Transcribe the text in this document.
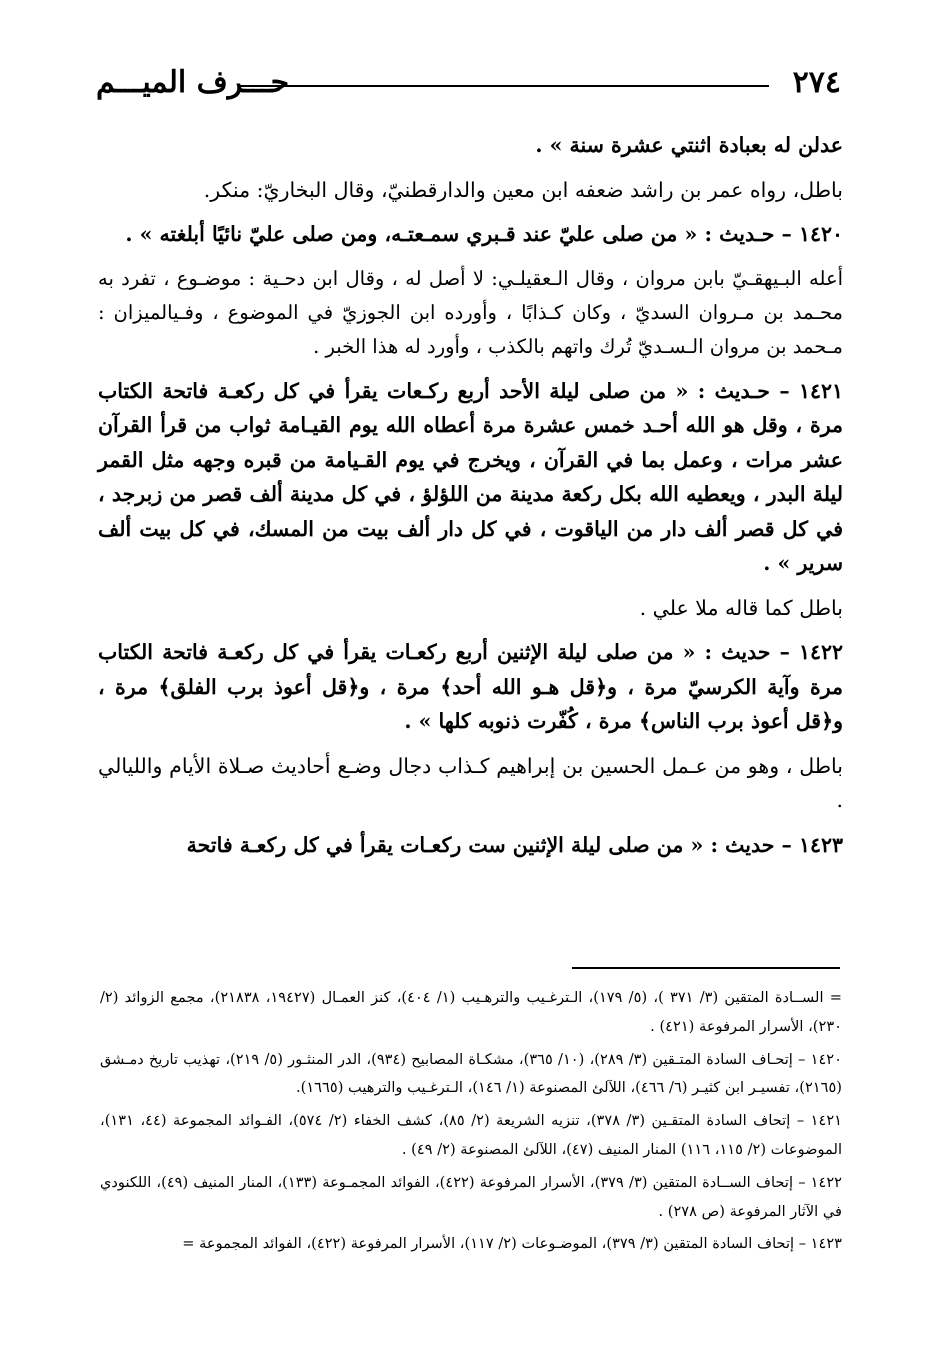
٢٧٤
حـــرف الميـــم

عدلن له بعبادة اثنتي عشرة سنة » .

باطل، رواه عمر بن راشد ضعفه ابن معين والدارقطنيّ، وقال البخاريّ: منكر.

١٤٢٠ – حـديث : « من صلى عليّ عند قـبري سمـعتـه، ومن صلى عليّ نائيًا أبلغته » .

أعله البـيهقـيّ بابن مروان ، وقال الـعقيلـي: لا أصل له ، وقال ابن دحـية : موضـوع ، تفرد به محـمد بن مـروان السديّ ، وكان كـذابًا ، وأورده ابن الجوزيّ في الموضوع ، وفـيالميزان : مـحمد بن مروان الـسـديّ تُرك واتهم بالكذب ، وأورد له هذا الخبر .

١٤٢١ – حـديث : « من صلى ليلة الأحد أربع ركـعات يقرأ في كل ركعـة فاتحة الكتاب مرة ، وقل هو الله أحـد خمس عشرة مرة أعطاه الله يوم القيـامة ثواب من قرأ القرآن عشر مرات ، وعمل بما في القرآن ، ويخرج في يوم القـيامة من قبره وجهه مثل القمر ليلة البدر ، ويعطيه الله بكل ركعة مدينة من اللؤلؤ ، في كل مدينة ألف قصر من زبرجد ، في كل قصر ألف دار من الياقوت ، في كل دار ألف بيت من المسك، في كل بيت ألف سرير » .

باطل كما قاله ملا علي .

١٤٢٢ – حديث : « من صلى ليلة الإثنين أربع ركعـات يقرأ في كل ركعـة فاتحة الكتاب مرة وآية الكرسيّ مرة ، و﴿قل هـو الله أحد﴾ مرة ، و﴿قل أعوذ برب الفلق﴾ مرة ، و﴿قل أعوذ برب الناس﴾ مرة ، كُفّرت ذنوبه كلها » .

باطل ، وهو من عـمل الحسين بن إبراهيم كـذاب دجال وضـع أحاديث صـلاة الأيام والليالي .

١٤٢٣ – حديث : « من صلى ليلة الإثنين ست ركعـات يقرأ في كل ركعـة فاتحة

= الســادة المتقين (٣/ ٣٧١ )، (٥/ ١٧٩)، الـترغـيب والترهـيب (١/ ٤٠٤)، كنز العمـال (١٩٤٢٧، ٢١٨٣٨)، مجمع الزوائد (٢/ ٢٣٠)، الأسرار المرفوعة (٤٢١) .

١٤٢٠ – إتحـاف السادة المتـقين (٣/ ٢٨٩)، (١٠/ ٣٦٥)، مشكـاة المصابيح (٩٣٤)، الدر المنثـور (٥/ ٢١٩)، تهذيب تاريخ دمـشق (٢١٦٥)، تفسيـر ابن كثيـر (٦/ ٤٦٦)، اللآلئ المصنوعة (١/ ١٤٦)، الـترغـيب والترهيب (١٦٦٥).

١٤٢١ – إتحاف السادة المتقـين (٣/ ٣٧٨)، تنزيه الشريعة (٢/ ٨٥)، كشف الخفاء (٢/ ٥٧٤)، الفـوائد المجموعة (٤٤، ١٣١)، الموضوعات (٢/ ١١٥، ١١٦) المنار المنيف (٤٧)، اللآلئ المصنوعة (٢/ ٤٩) .

١٤٢٢ – إتحاف الســادة المتقين (٣/ ٣٧٩)، الأسرار المرفوعة (٤٢٢)، الفوائد المجمـوعة (١٣٣)، المنار المنيف (٤٩)، اللكنودي في الآثار المرفوعة (ص ٢٧٨) .

١٤٢٣ – إتحاف السادة المتقين (٣/ ٣٧٩)، الموضـوعات (٢/ ١١٧)، الأسرار المرفوعة (٤٢٢)، الفوائد المجموعة =
